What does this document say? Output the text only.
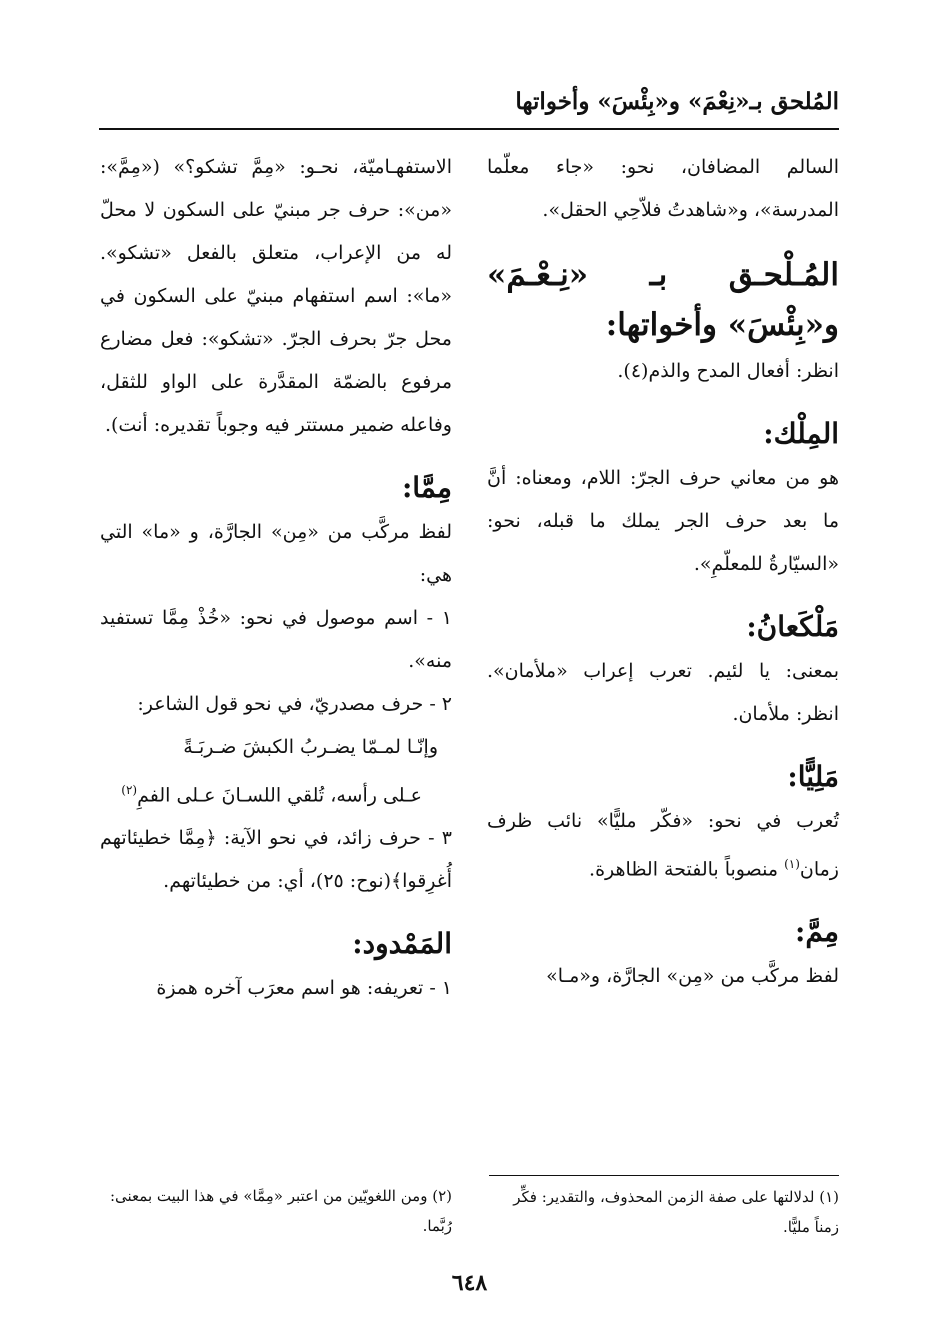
المُلحق بـ«نِعْمَ» و«بِئْسَ» وأخواتها
السالم المضافان، نحو: «جاء معلّما المدرسة»، و«شاهدتُ فلاّحِي الحقل».
المُـلْحـق بـ «نِـعْـمَ» و«بِئْسَ» وأخواتها:
انظر: أفعال المدح والذم(٤).
المِلْك:
هو من معاني حرف الجرّ: اللام، ومعناه: أنَّ ما بعد حرف الجر يملك ما قبله، نحو: «السيّارةُ للمعلّمِ».
مَلْكَعانُ:
بمعنى: يا لئيم. تعرب إعراب «ملأمان». انظر: ملأمان.
مَلِيًّا:
تُعرب في نحو: «فكّر مليًّا» نائب ظرف زمان$^{(١)}$ منصوباً بالفتحة الظاهرة.
مِمَّ:
لفظ مركَّب من «مِن» الجارَّة، و«مـا»
الاستفهـاميّة، نحـو: «مِمَّ تشكو؟» («مِمَّ»: «من»: حرف جر مبنيّ على السكون لا محلّ له من الإعراب، متعلق بالفعل «تشكو». «ما»: اسم استفهام مبنيّ على السكون في محل جرّ بحرف الجرّ. «تشكو»: فعل مضارع مرفوع بالضمّة المقدَّرة على الواو للثقل، وفاعله ضمير مستتر فيه وجوباً تقديره: أنت).
مِمَّا:
لفظ مركَّب من «مِن» الجارَّة، و «ما» التي هي:
١ - اسم موصول في نحو: «خُذْ مِمَّا تستفيد منه».
٢ - حرف مصدريّ، في نحو قول الشاعر:
وإنّـا لمـمّا يضـربُ الكبشَ ضـربَـةً
عـلى رأسه، تُلقي اللسـانَ عـلى الفمِ$^{(٢)}$
٣ - حرف زائد، في نحو الآية: ﴿مِمَّا خطيئاتهم أُغرِقوا﴾(نوح: ٢٥)، أي: من خطيئاتهم.
المَمْدود:
١ - تعريفه: هو اسم معرَب آخره همزة
(١) لدلالتها على صفة الزمن المحذوف، والتقدير: فكِّر زمناً مليًّا.
(٢) ومن اللغويّين من اعتبر «مِمَّا» في هذا البيت بمعنى: رُبَّما.
٦٤٨
